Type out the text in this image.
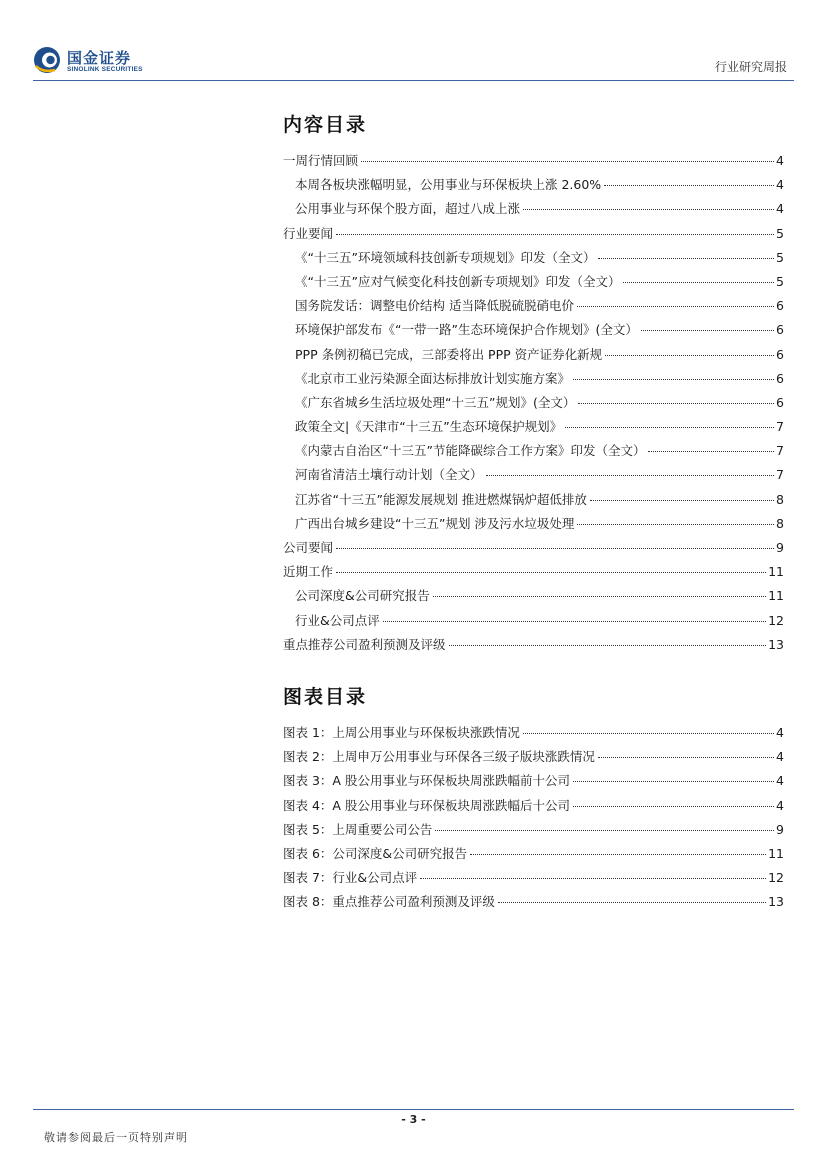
国金证券
SINOLINK SECURITIES	行业研究周报
内容目录
一周行情回顾	4
本周各板块涨幅明显，公用事业与环保板块上涨 2.60%	4
公用事业与环保个股方面，超过八成上涨	4
行业要闻	5
《“十三五”环境领域科技创新专项规划》印发（全文）	5
《“十三五”应对气候变化科技创新专项规划》印发（全文）	5
国务院发话：调整电价结构 适当降低脱硫脱硝电价	6
环境保护部发布《“一带一路”生态环境保护合作规划》(全文）	6
PPP 条例初稿已完成，三部委将出 PPP 资产证券化新规	6
《北京市工业污染源全面达标排放计划实施方案》	6
《广东省城乡生活垃圾处理“十三五”规划》(全文）	6
政策全文|《天津市“十三五”生态环境保护规划》	7
《内蒙古自治区“十三五”节能降碳综合工作方案》印发（全文）	7
河南省清洁土壤行动计划（全文）	7
江苏省“十三五”能源发展规划 推进燃煤锅炉超低排放	8
广西出台城乡建设“十三五”规划 涉及污水垃圾处理	8
公司要闻	9
近期工作	11
公司深度&公司研究报告	11
行业&公司点评	12
重点推荐公司盈利预测及评级	13
图表目录
图表 1：上周公用事业与环保板块涨跌情况	4
图表 2：上周申万公用事业与环保各三级子版块涨跌情况	4
图表 3：A 股公用事业与环保板块周涨跌幅前十公司	4
图表 4：A 股公用事业与环保板块周涨跌幅后十公司	4
图表 5：上周重要公司公告	9
图表 6：公司深度&公司研究报告	11
图表 7：行业&公司点评	12
图表 8：重点推荐公司盈利预测及评级	13
- 3 -
敬请参阅最后一页特别声明
